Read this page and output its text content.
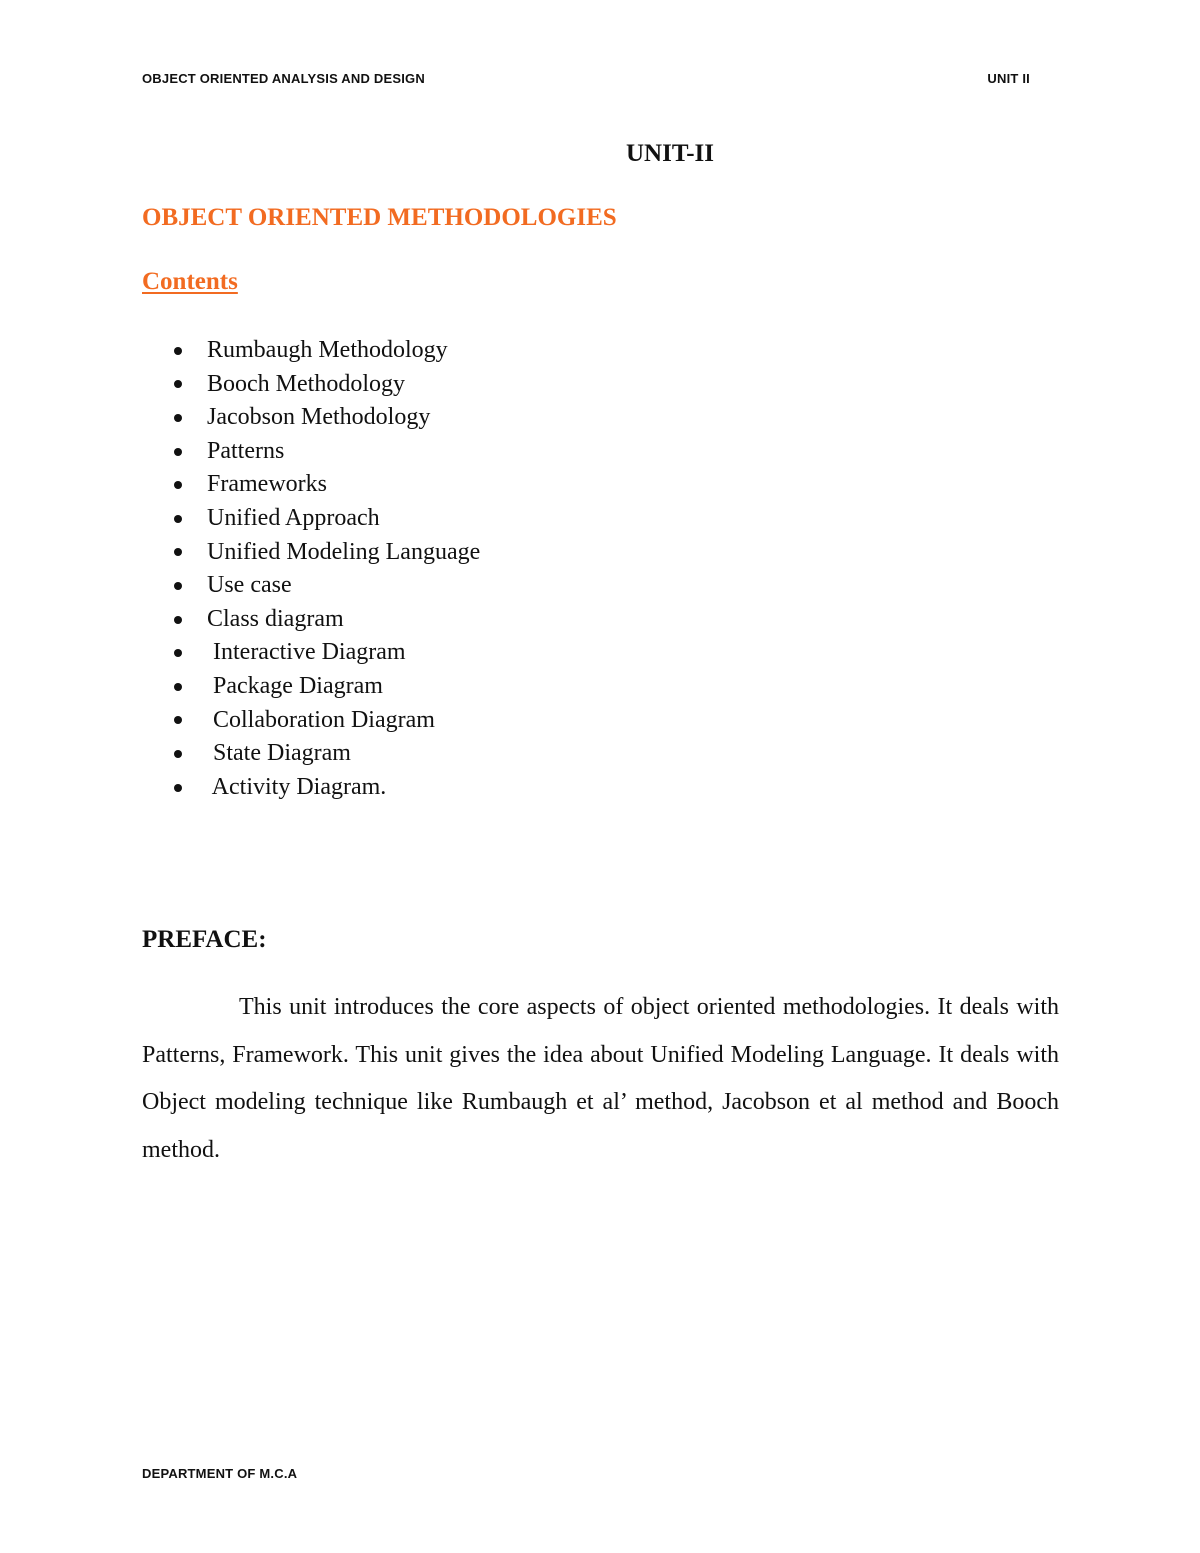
OBJECT ORIENTED ANALYSIS AND DESIGN	UNIT II
UNIT-II
OBJECT ORIENTED METHODOLOGIES
Contents
Rumbaugh Methodology
Booch Methodology
Jacobson Methodology
Patterns
Frameworks
Unified Approach
Unified Modeling Language
Use case
Class diagram
Interactive Diagram
Package Diagram
Collaboration Diagram
State Diagram
Activity Diagram.
PREFACE:

This unit introduces the core aspects of object oriented methodologies. It deals with Patterns, Framework. This unit gives the idea about Unified Modeling Language. It deals with Object modeling technique like Rumbaugh et al’ method, Jacobson et al method and Booch method.

DEPARTMENT OF M.C.A
